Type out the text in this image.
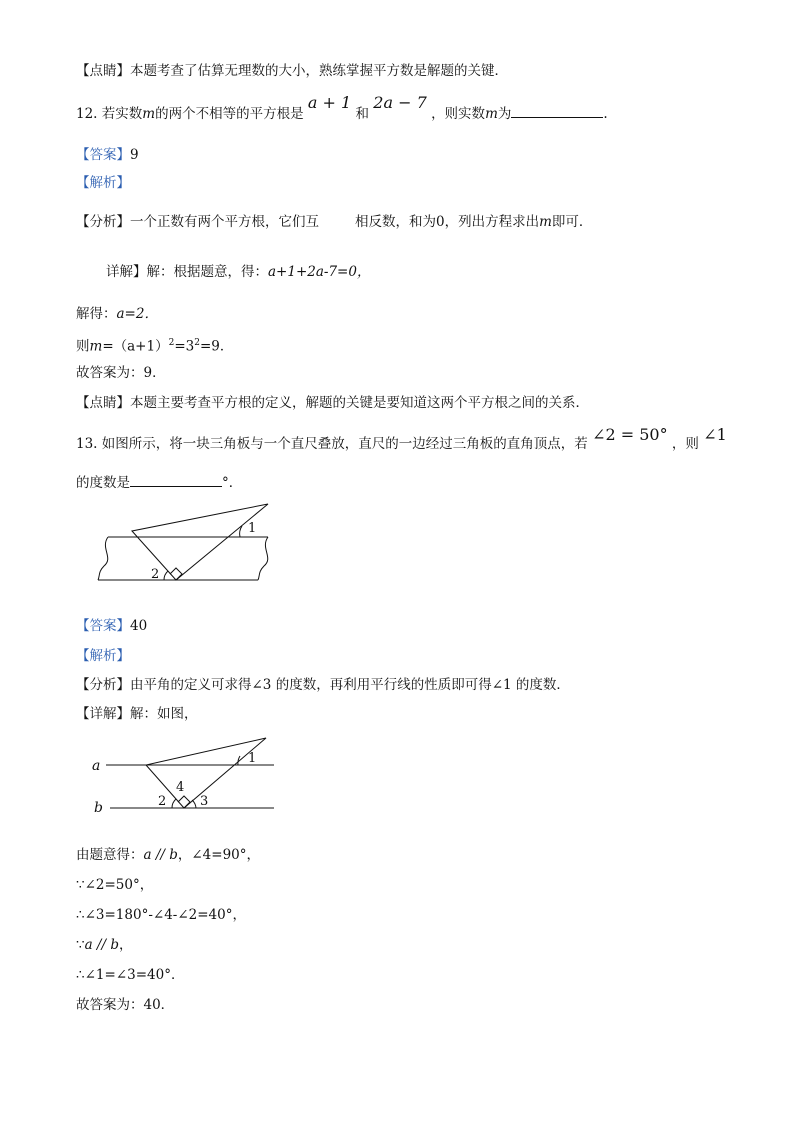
【点睛】本题考查了估算无理数的大小，熟练掌握平方数是解题的关键．
12. 若实数m的两个不相等的平方根是 a + 1 和 2a − 7 ，则实数m为	.
【答案】9
【解析】
【分析】一个正数有两个平方根，它们互	相反数，和为0，列出方程求出m即可．
详解】解：根据题意，得：a+1+2a-7=0，
解得：a=2．
则$m=(a+1)^2=3^2=9$．
故答案为：9．
【点睛】本题主要考查平方根的定义，解题的关键是要知道这两个平方根之间的关系．
13. 如图所示，将一块三角板与一个直尺叠放，直尺的一边经过三角板的直角顶点，若 ∠2 = 50° ，则 ∠1
的度数是	°．
1
2
【答案】40
【解析】
【分析】由平角的定义可求得∠3 的度数，再利用平行线的性质即可得∠1 的度数．
【详解】解：如图，
a
b
1
2	3
4
由题意得：a // b，∠4=90°，
∵∠2=50°，
∴∠3=180°-∠4-∠2=40°，
∵a // b，
∴∠1=∠3=40°．
故答案为：40．
